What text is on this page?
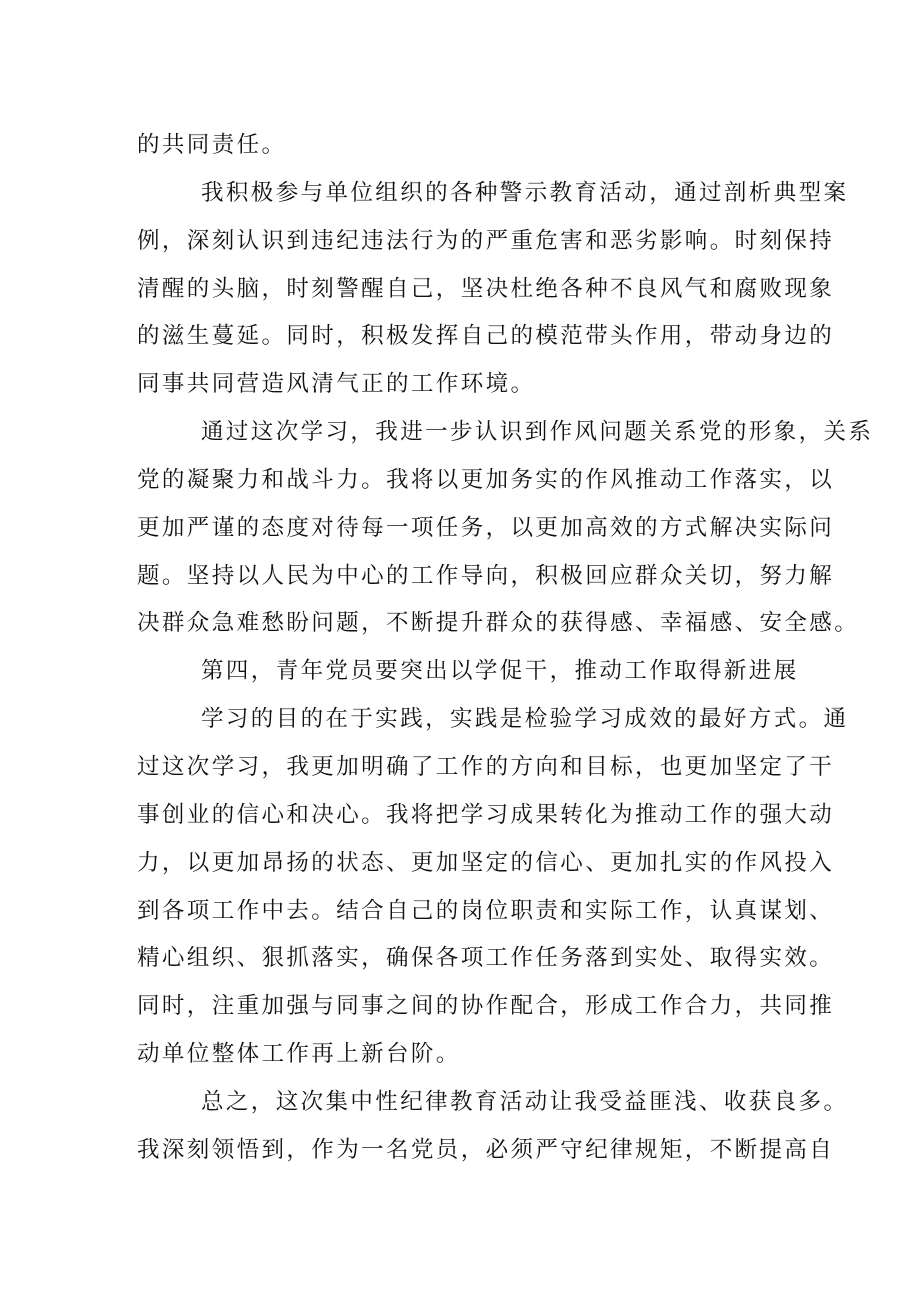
的共同责任。
我积极参与单位组织的各种警示教育活动，通过剖析典型案
例，深刻认识到违纪违法行为的严重危害和恶劣影响。时刻保持
清醒的头脑，时刻警醒自己，坚决杜绝各种不良风气和腐败现象
的滋生蔓延。同时，积极发挥自己的模范带头作用，带动身边的
同事共同营造风清气正的工作环境。
通过这次学习，我进一步认识到作风问题关系党的形象，关系
党的凝聚力和战斗力。我将以更加务实的作风推动工作落实，以
更加严谨的态度对待每一项任务，以更加高效的方式解决实际问
题。坚持以人民为中心的工作导向，积极回应群众关切，努力解
决群众急难愁盼问题，不断提升群众的获得感、幸福感、安全感。
第四，青年党员要突出以学促干，推动工作取得新进展
学习的目的在于实践，实践是检验学习成效的最好方式。通
过这次学习，我更加明确了工作的方向和目标，也更加坚定了干
事创业的信心和决心。我将把学习成果转化为推动工作的强大动
力，以更加昂扬的状态、更加坚定的信心、更加扎实的作风投入
到各项工作中去。结合自己的岗位职责和实际工作，认真谋划、
精心组织、狠抓落实，确保各项工作任务落到实处、取得实效。
同时，注重加强与同事之间的协作配合，形成工作合力，共同推
动单位整体工作再上新台阶。
总之，这次集中性纪律教育活动让我受益匪浅、收获良多。
我深刻领悟到，作为一名党员，必须严守纪律规矩，不断提高自
